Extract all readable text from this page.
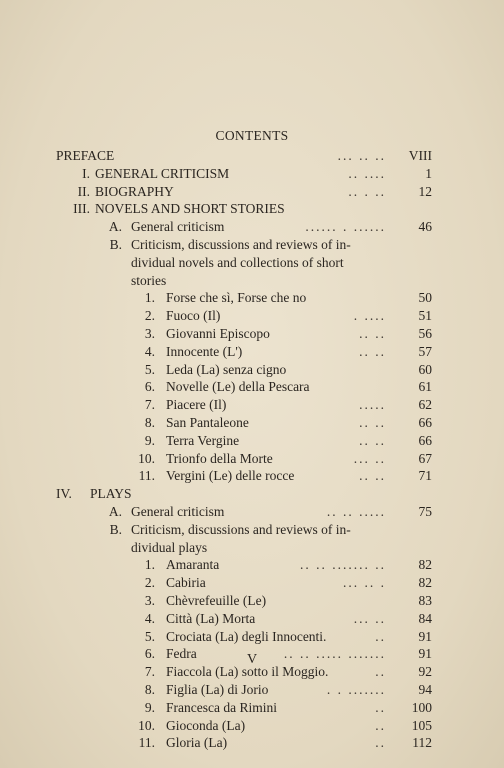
CONTENTS
PREFACE	... .. ..	VIII
I. GENERAL CRITICISM	.. ....	1
II. BIOGRAPHY	.. . ..	12
III. NOVELS AND SHORT STORIES
A. General criticism	...... . ......	46
B. Criticism, discussions and reviews of in-
dividual novels and collections of short
stories
1. Forse che sì, Forse che no	50
2. Fuoco (Il)	. ....	51
3. Giovanni Episcopo	.. ..	56
4. Innocente (L')	.. ..	57
5. Leda (La) senza cigno	60
6. Novelle (Le) della Pescara	61
7. Piacere (Il)	.....	62
8. San Pantaleone	.. ..	66
9. Terra Vergine	.. ..	66
10. Trionfo della Morte	... ..	67
11. Vergini (Le) delle rocce	.. ..	71
IV. PLAYS
A. General criticism	.. .. .....	75
B. Criticism, discussions and reviews of in-
dividual plays
1. Amaranta	.. .. ....... ..	82
2. Cabiria	... .. .	82
3. Chèvrefeuille (Le)	83
4. Città (La) Morta	... ..	84
5. Crociata (La) degli Innocenti.	..	91
6. Fedra	.. .. ..... .......	91
7. Fiaccola (La) sotto il Moggio.	..	92
8. Figlia (La) di Jorio	. . .......	94
9. Francesca da Rimini	..	100
10. Gioconda (La)	..	105
11. Gloria (La)	..	112
V
